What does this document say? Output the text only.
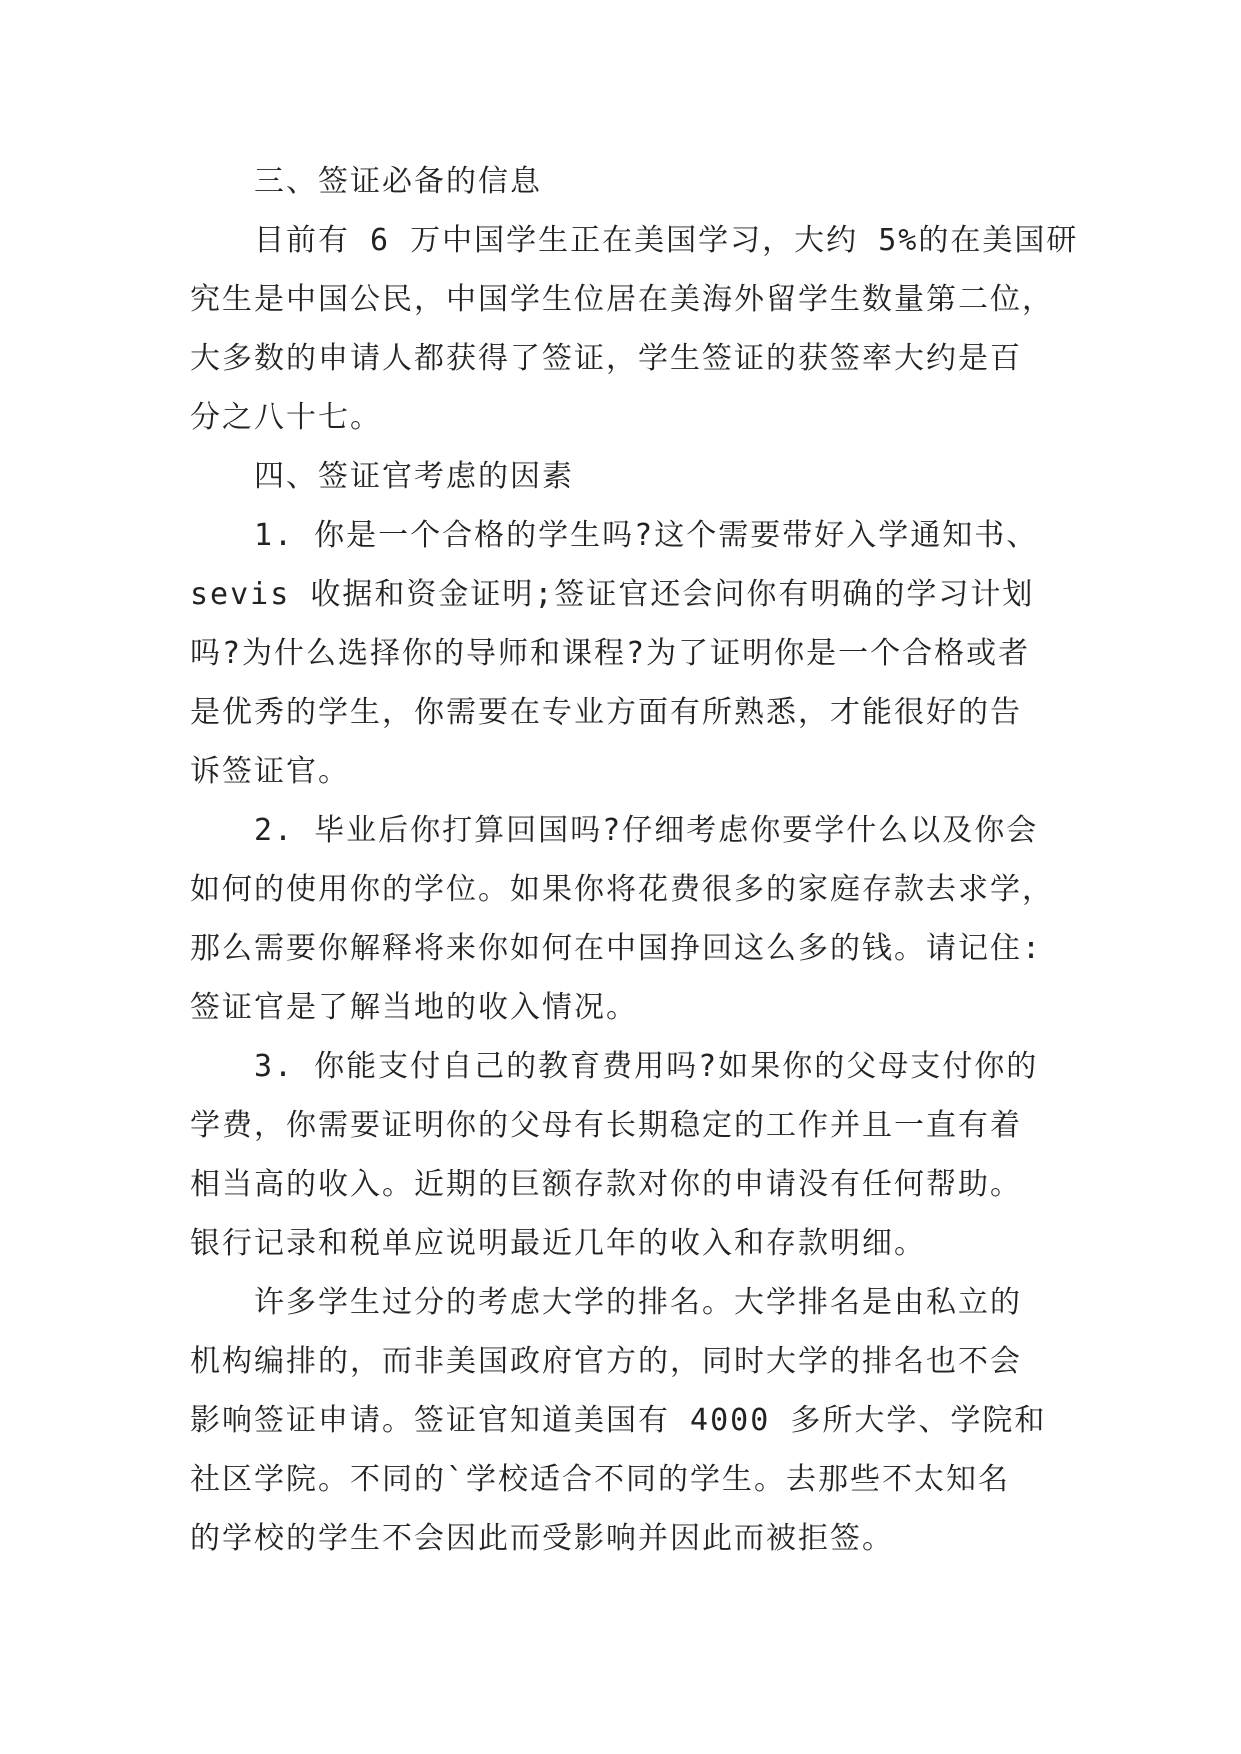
三、签证必备的信息
目前有 6 万中国学生正在美国学习，大约 5%的在美国研
究生是中国公民，中国学生位居在美海外留学生数量第二位，
大多数的申请人都获得了签证，学生签证的获签率大约是百
分之八十七。
四、签证官考虑的因素
1. 你是一个合格的学生吗?这个需要带好入学通知书、
sevis 收据和资金证明;签证官还会问你有明确的学习计划
吗?为什么选择你的导师和课程?为了证明你是一个合格或者
是优秀的学生，你需要在专业方面有所熟悉，才能很好的告
诉签证官。
2. 毕业后你打算回国吗?仔细考虑你要学什么以及你会
如何的使用你的学位。如果你将花费很多的家庭存款去求学，
那么需要你解释将来你如何在中国挣回这么多的钱。请记住:
签证官是了解当地的收入情况。
3. 你能支付自己的教育费用吗?如果你的父母支付你的
学费，你需要证明你的父母有长期稳定的工作并且一直有着
相当高的收入。近期的巨额存款对你的申请没有任何帮助。
银行记录和税单应说明最近几年的收入和存款明细。
许多学生过分的考虑大学的排名。大学排名是由私立的
机构编排的，而非美国政府官方的，同时大学的排名也不会
影响签证申请。签证官知道美国有 4000 多所大学、学院和
社区学院。不同的`学校适合不同的学生。去那些不太知名
的学校的学生不会因此而受影响并因此而被拒签。
